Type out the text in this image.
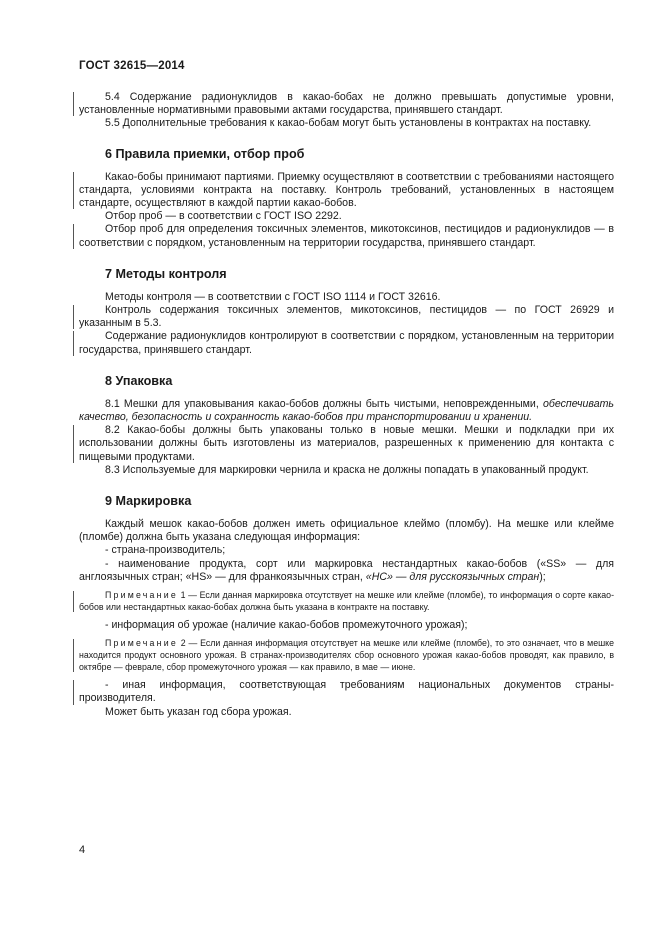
ГОСТ 32615—2014

5.4 Содержание радионуклидов в какао-бобах не должно превышать допустимые уровни, установленные нормативными правовыми актами государства, принявшего стандарт.

5.5 Дополнительные требования к какао-бобам могут быть установлены в контрактах на поставку.

6 Правила приемки, отбор проб

Какао-бобы принимают партиями. Приемку осуществляют в соответствии с требованиями настоящего стандарта, условиями контракта на поставку. Контроль требований, установленных в настоящем стандарте, осуществляют в каждой партии какао-бобов.

Отбор проб — в соответствии с ГОСТ ISO 2292.

Отбор проб для определения токсичных элементов, микотоксинов, пестицидов и радионуклидов — в соответствии с порядком, установленным на территории государства, принявшего стандарт.

7 Методы контроля

Методы контроля — в соответствии с ГОСТ ISO 1114 и ГОСТ 32616.

Контроль содержания токсичных элементов, микотоксинов, пестицидов — по ГОСТ 26929 и указанным в 5.3.

Содержание радионуклидов контролируют в соответствии с порядком, установленным на территории государства, принявшего стандарт.

8 Упаковка

8.1 Мешки для упаковывания какао-бобов должны быть чистыми, неповрежденными, обеспечивать качество, безопасность и сохранность какао-бобов при транспортировании и хранении.

8.2 Какао-бобы должны быть упакованы только в новые мешки. Мешки и подкладки при их использовании должны быть изготовлены из материалов, разрешенных к применению для контакта с пищевыми продуктами.

8.3 Используемые для маркировки чернила и краска не должны попадать в упакованный продукт.

9 Маркировка

Каждый мешок какао-бобов должен иметь официальное клеймо (пломбу). На мешке или клейме (пломбе) должна быть указана следующая информация:

- страна-производитель;

- наименование продукта, сорт или маркировка нестандартных какао-бобов («SS» — для англоязычных стран; «HS» — для франкоязычных стран, «НС» — для русскоязычных стран);

Примечание 1 — Если данная маркировка отсутствует на мешке или клейме (пломбе), то информация о сорте какао-бобов или нестандартных какао-бобах должна быть указана в контракте на поставку.

- информация об урожае (наличие какао-бобов промежуточного урожая);

Примечание 2 — Если данная информация отсутствует на мешке или клейме (пломбе), то это означает, что в мешке находится продукт основного урожая. В странах-производителях сбор основного урожая какао-бобов проводят, как правило, в октябре — феврале, сбор промежуточного урожая — как правило, в мае — июне.

- иная информация, соответствующая требованиям национальных документов страны-производителя.

Может быть указан год сбора урожая.

4
